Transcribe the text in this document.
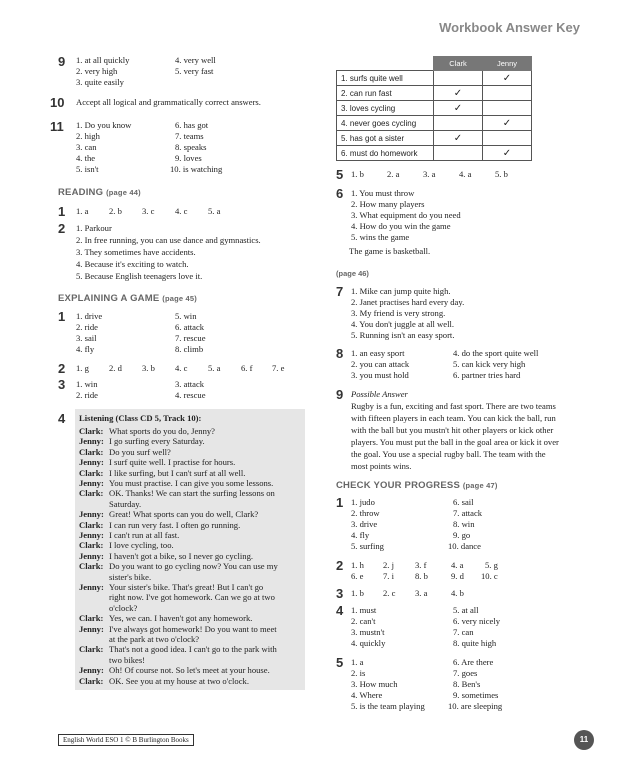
Workbook Answer Key
9 1. at all quickly
2. very high
3. quite easily
4. very well
5. very fast
10 Accept all logical and grammatically correct answers.
11 1. Do you know
2. high
3. can
4. the
5. isn't
6. has got
7. teams
8. speaks
9. loves
10. is watching
READING (page 44)
1 1. a 2. b 3. c 4. c 5. a
2 1. Parkour
2. In free running, you can use dance and gymnastics.
3. They sometimes have accidents.
4. Because it's exciting to watch.
5. Because English teenagers love it.
EXPLAINING A GAME (page 45)
1 1. drive
2. ride
3. sail
4. fly
5. win
6. attack
7. rescue
8. climb
2 1. g 2. d 3. b 4. c 5. a 6. f 7. e
3 1. win
2. ride
3. attack
4. rescue
4 Listening (Class CD 5, Track 10):
Clark: What sports do you do, Jenny?
Jenny: I go surfing every Saturday.
Clark: Do you surf well?
Jenny: I surf quite well. I practise for hours.
Clark: I like surfing, but I can't surf at all well.
Jenny: You must practise. I can give you some lessons.
Clark: OK. Thanks! We can start the surfing lessons on
Saturday.
Jenny: Great! What sports can you do well, Clark?
Clark: I can run very fast. I often go running.
Jenny: I can't run at all fast.
Clark: I love cycling, too.
Jenny: I haven't got a bike, so I never go cycling.
Clark: Do you want to go cycling now? You can use my
sister's bike.
Jenny: Your sister's bike. That's great! But I can't go
right now. I've got homework. Can we go at two
o'clock?
Clark: Yes, we can. I haven't got any homework.
Jenny: I've always got homework! Do you want to meet
at the park at two o'clock?
Clark: That's not a good idea. I can't go to the park with
two bikes!
Jenny: Oh! Of course not. So let's meet at your house.
Clark: OK. See you at my house at two o'clock.
	Clark	Jenny
1. surfs quite well		✓
2. can run fast	✓	
3. loves cycling	✓	
4. never goes cycling		✓
5. has got a sister	✓	
6. must do homework		✓
5 1. b	2. a	3. a	4. a	5. b
6 1. You must throw
2. How many players
3. What equipment do you need
4. How do you win the game
5. wins the game
The game is basketball.
(page 46)
7 1. Mike can jump quite high.
2. Janet practises hard every day.
3. My friend is very strong.
4. You don't juggle at all well.
5. Running isn't an easy sport.
8 1. an easy sport
2. you can attack
3. you must hold
4. do the sport quite well
5. can kick very high
6. partner tries hard
9 Possible Answer
Rugby is a fun, exciting and fast sport. There are two teams
with fifteen players in each team. You can kick the ball, run
with the ball but you mustn't hit other players or kick other
players. You must put the ball in the goal area or kick it over
the goal. You use a special rugby ball. The team with the
most points wins.
CHECK YOUR PROGRESS (page 47)
1 1. judo
2. throw
3. drive
4. fly
5. surfing
6. sail
7. attack
8. win
9. go
10. dance
2 1. h 2. j 3. f	4. a	5. g
6. e 7. i 8. b	9. d 10. c
3 1. b 2. c 3. a	4. b
4 1. must
2. can't
3. mustn't
4. quickly
5. at all
6. very nicely
7. can
8. quite high
5 1. a
2. is
3. How much
4. Where
5. is the team playing
6. Are there
7. goes
8. Ben's
9. sometimes
10. are sleeping
English World ESO 1 © B Burlington Books	11
